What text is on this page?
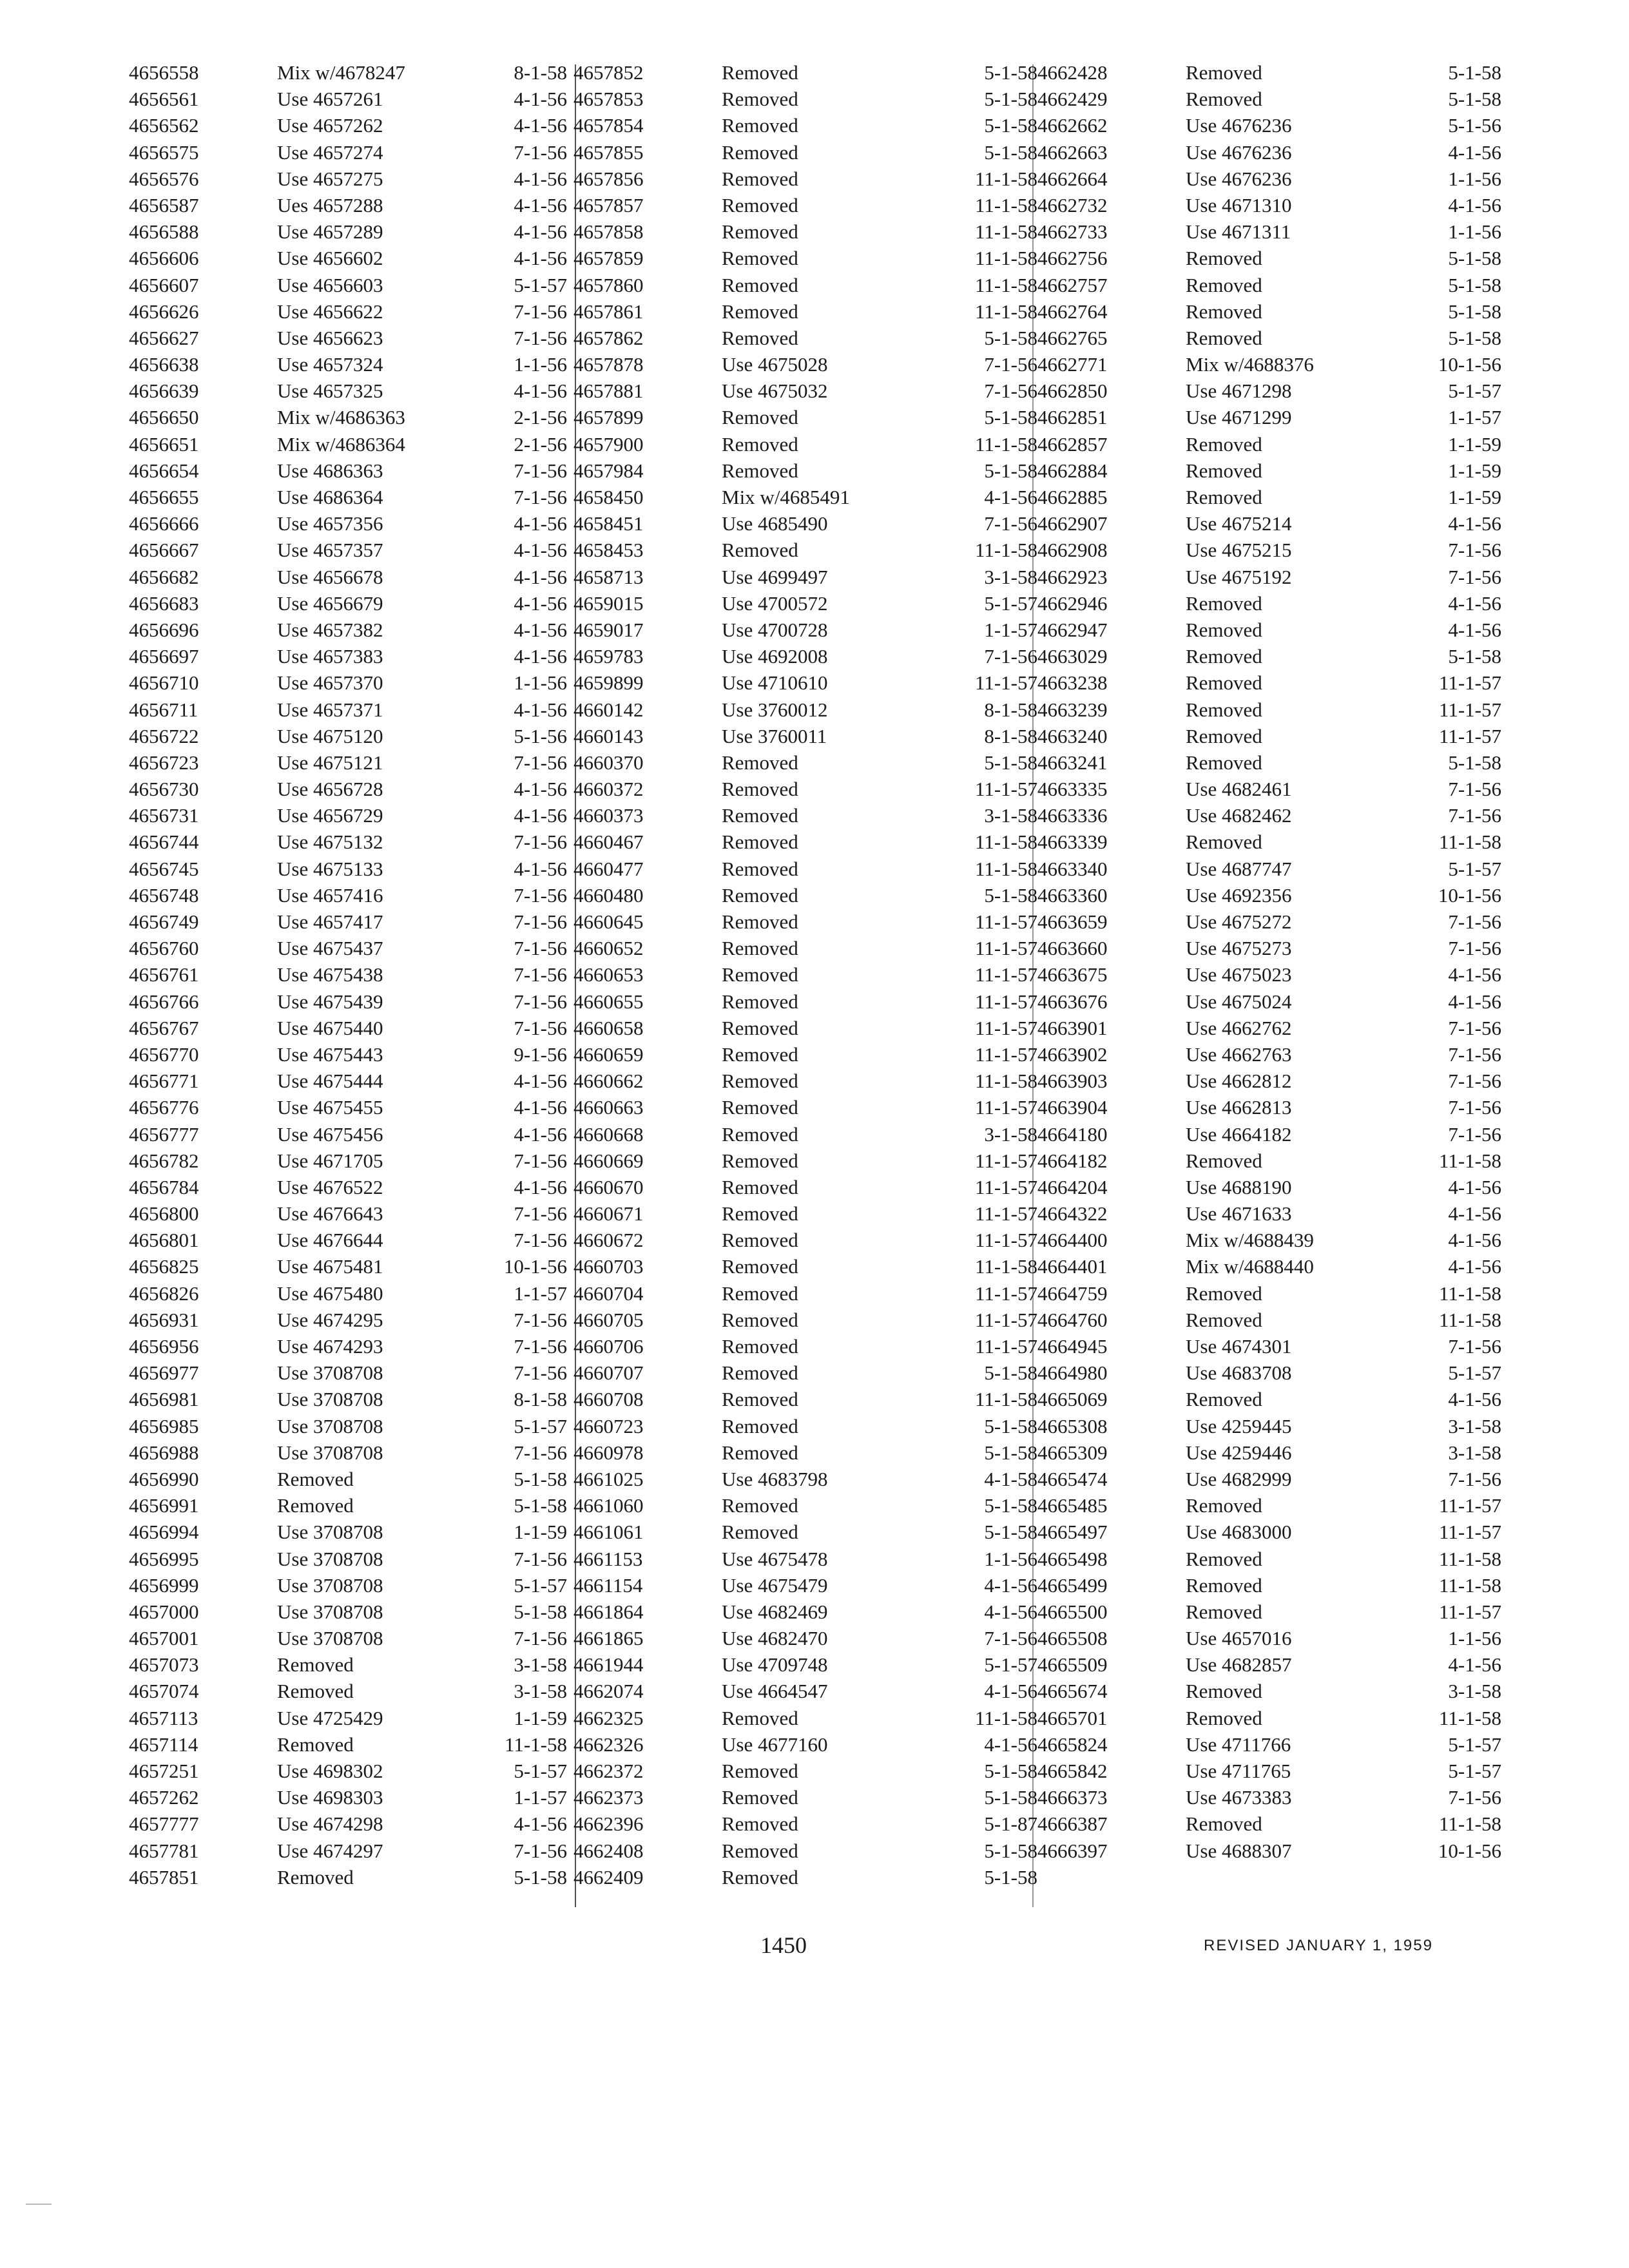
4656558	Mix w/4678247	8-1-58
4656561	Use 4657261	4-1-56
4656562	Use 4657262	4-1-56
4656575	Use 4657274	7-1-56
4656576	Use 4657275	4-1-56
4656587	Ues 4657288	4-1-56
4656588	Use 4657289	4-1-56
4656606	Use 4656602	4-1-56
4656607	Use 4656603	5-1-57
4656626	Use 4656622	7-1-56
4656627	Use 4656623	7-1-56
4656638	Use 4657324	1-1-56
4656639	Use 4657325	4-1-56
4656650	Mix w/4686363	2-1-56
4656651	Mix w/4686364	2-1-56
4656654	Use 4686363	7-1-56
4656655	Use 4686364	7-1-56
4656666	Use 4657356	4-1-56
4656667	Use 4657357	4-1-56
4656682	Use 4656678	4-1-56
4656683	Use 4656679	4-1-56
4656696	Use 4657382	4-1-56
4656697	Use 4657383	4-1-56
4656710	Use 4657370	1-1-56
4656711	Use 4657371	4-1-56
4656722	Use 4675120	5-1-56
4656723	Use 4675121	7-1-56
4656730	Use 4656728	4-1-56
4656731	Use 4656729	4-1-56
4656744	Use 4675132	7-1-56
4656745	Use 4675133	4-1-56
4656748	Use 4657416	7-1-56
4656749	Use 4657417	7-1-56
4656760	Use 4675437	7-1-56
4656761	Use 4675438	7-1-56
4656766	Use 4675439	7-1-56
4656767	Use 4675440	7-1-56
4656770	Use 4675443	9-1-56
4656771	Use 4675444	4-1-56
4656776	Use 4675455	4-1-56
4656777	Use 4675456	4-1-56
4656782	Use 4671705	7-1-56
4656784	Use 4676522	4-1-56
4656800	Use 4676643	7-1-56
4656801	Use 4676644	7-1-56
4656825	Use 4675481	10-1-56
4656826	Use 4675480	1-1-57
4656931	Use 4674295	7-1-56
4656956	Use 4674293	7-1-56
4656977	Use 3708708	7-1-56
4656981	Use 3708708	8-1-58
4656985	Use 3708708	5-1-57
4656988	Use 3708708	7-1-56
4656990	Removed	5-1-58
4656991	Removed	5-1-58
4656994	Use 3708708	1-1-59
4656995	Use 3708708	7-1-56
4656999	Use 3708708	5-1-57
4657000	Use 3708708	5-1-58
4657001	Use 3708708	7-1-56
4657073	Removed	3-1-58
4657074	Removed	3-1-58
4657113	Use 4725429	1-1-59
4657114	Removed	11-1-58
4657251	Use 4698302	5-1-57
4657262	Use 4698303	1-1-57
4657777	Use 4674298	4-1-56
4657781	Use 4674297	7-1-56
4657851	Removed	5-1-58
4657852	Removed	5-1-58
4657853	Removed	5-1-58
4657854	Removed	5-1-58
4657855	Removed	5-1-58
4657856	Removed	11-1-58
4657857	Removed	11-1-58
4657858	Removed	11-1-58
4657859	Removed	11-1-58
4657860	Removed	11-1-58
4657861	Removed	11-1-58
4657862	Removed	5-1-58
4657878	Use 4675028	7-1-56
4657881	Use 4675032	7-1-56
4657899	Removed	5-1-58
4657900	Removed	11-1-58
4657984	Removed	5-1-58
4658450	Mix w/4685491	4-1-56
4658451	Use 4685490	7-1-56
4658453	Removed	11-1-58
4658713	Use 4699497	3-1-58
4659015	Use 4700572	5-1-57
4659017	Use 4700728	1-1-57
4659783	Use 4692008	7-1-56
4659899	Use 4710610	11-1-57
4660142	Use 3760012	8-1-58
4660143	Use 3760011	8-1-58
4660370	Removed	5-1-58
4660372	Removed	11-1-57
4660373	Removed	3-1-58
4660467	Removed	11-1-58
4660477	Removed	11-1-58
4660480	Removed	5-1-58
4660645	Removed	11-1-57
4660652	Removed	11-1-57
4660653	Removed	11-1-57
4660655	Removed	11-1-57
4660658	Removed	11-1-57
4660659	Removed	11-1-57
4660662	Removed	11-1-58
4660663	Removed	11-1-57
4660668	Removed	3-1-58
4660669	Removed	11-1-57
4660670	Removed	11-1-57
4660671	Removed	11-1-57
4660672	Removed	11-1-57
4660703	Removed	11-1-58
4660704	Removed	11-1-57
4660705	Removed	11-1-57
4660706	Removed	11-1-57
4660707	Removed	5-1-58
4660708	Removed	11-1-58
4660723	Removed	5-1-58
4660978	Removed	5-1-58
4661025	Use 4683798	4-1-58
4661060	Removed	5-1-58
4661061	Removed	5-1-58
4661153	Use 4675478	1-1-56
4661154	Use 4675479	4-1-56
4661864	Use 4682469	4-1-56
4661865	Use 4682470	7-1-56
4661944	Use 4709748	5-1-57
4662074	Use 4664547	4-1-56
4662325	Removed	11-1-58
4662326	Use 4677160	4-1-56
4662372	Removed	5-1-58
4662373	Removed	5-1-58
4662396	Removed	5-1-87
4662408	Removed	5-1-58
4662409	Removed	5-1-58
4662428	Removed	5-1-58
4662429	Removed	5-1-58
4662662	Use 4676236	5-1-56
4662663	Use 4676236	4-1-56
4662664	Use 4676236	1-1-56
4662732	Use 4671310	4-1-56
4662733	Use 4671311	1-1-56
4662756	Removed	5-1-58
4662757	Removed	5-1-58
4662764	Removed	5-1-58
4662765	Removed	5-1-58
4662771	Mix w/4688376	10-1-56
4662850	Use 4671298	5-1-57
4662851	Use 4671299	1-1-57
4662857	Removed	1-1-59
4662884	Removed	1-1-59
4662885	Removed	1-1-59
4662907	Use 4675214	4-1-56
4662908	Use 4675215	7-1-56
4662923	Use 4675192	7-1-56
4662946	Removed	4-1-56
4662947	Removed	4-1-56
4663029	Removed	5-1-58
4663238	Removed	11-1-57
4663239	Removed	11-1-57
4663240	Removed	11-1-57
4663241	Removed	5-1-58
4663335	Use 4682461	7-1-56
4663336	Use 4682462	7-1-56
4663339	Removed	11-1-58
4663340	Use 4687747	5-1-57
4663360	Use 4692356	10-1-56
4663659	Use 4675272	7-1-56
4663660	Use 4675273	7-1-56
4663675	Use 4675023	4-1-56
4663676	Use 4675024	4-1-56
4663901	Use 4662762	7-1-56
4663902	Use 4662763	7-1-56
4663903	Use 4662812	7-1-56
4663904	Use 4662813	7-1-56
4664180	Use 4664182	7-1-56
4664182	Removed	11-1-58
4664204	Use 4688190	4-1-56
4664322	Use 4671633	4-1-56
4664400	Mix w/4688439	4-1-56
4664401	Mix w/4688440	4-1-56
4664759	Removed	11-1-58
4664760	Removed	11-1-58
4664945	Use 4674301	7-1-56
4664980	Use 4683708	5-1-57
4665069	Removed	4-1-56
4665308	Use 4259445	3-1-58
4665309	Use 4259446	3-1-58
4665474	Use 4682999	7-1-56
4665485	Removed	11-1-57
4665497	Use 4683000	11-1-57
4665498	Removed	11-1-58
4665499	Removed	11-1-58
4665500	Removed	11-1-57
4665508	Use 4657016	1-1-56
4665509	Use 4682857	4-1-56
4665674	Removed	3-1-58
4665701	Removed	11-1-58
4665824	Use 4711766	5-1-57
4665842	Use 4711765	5-1-57
4666373	Use 4673383	7-1-56
4666387	Removed	11-1-58
4666397	Use 4688307	10-1-56
1450	REVISED JANUARY 1, 1959
